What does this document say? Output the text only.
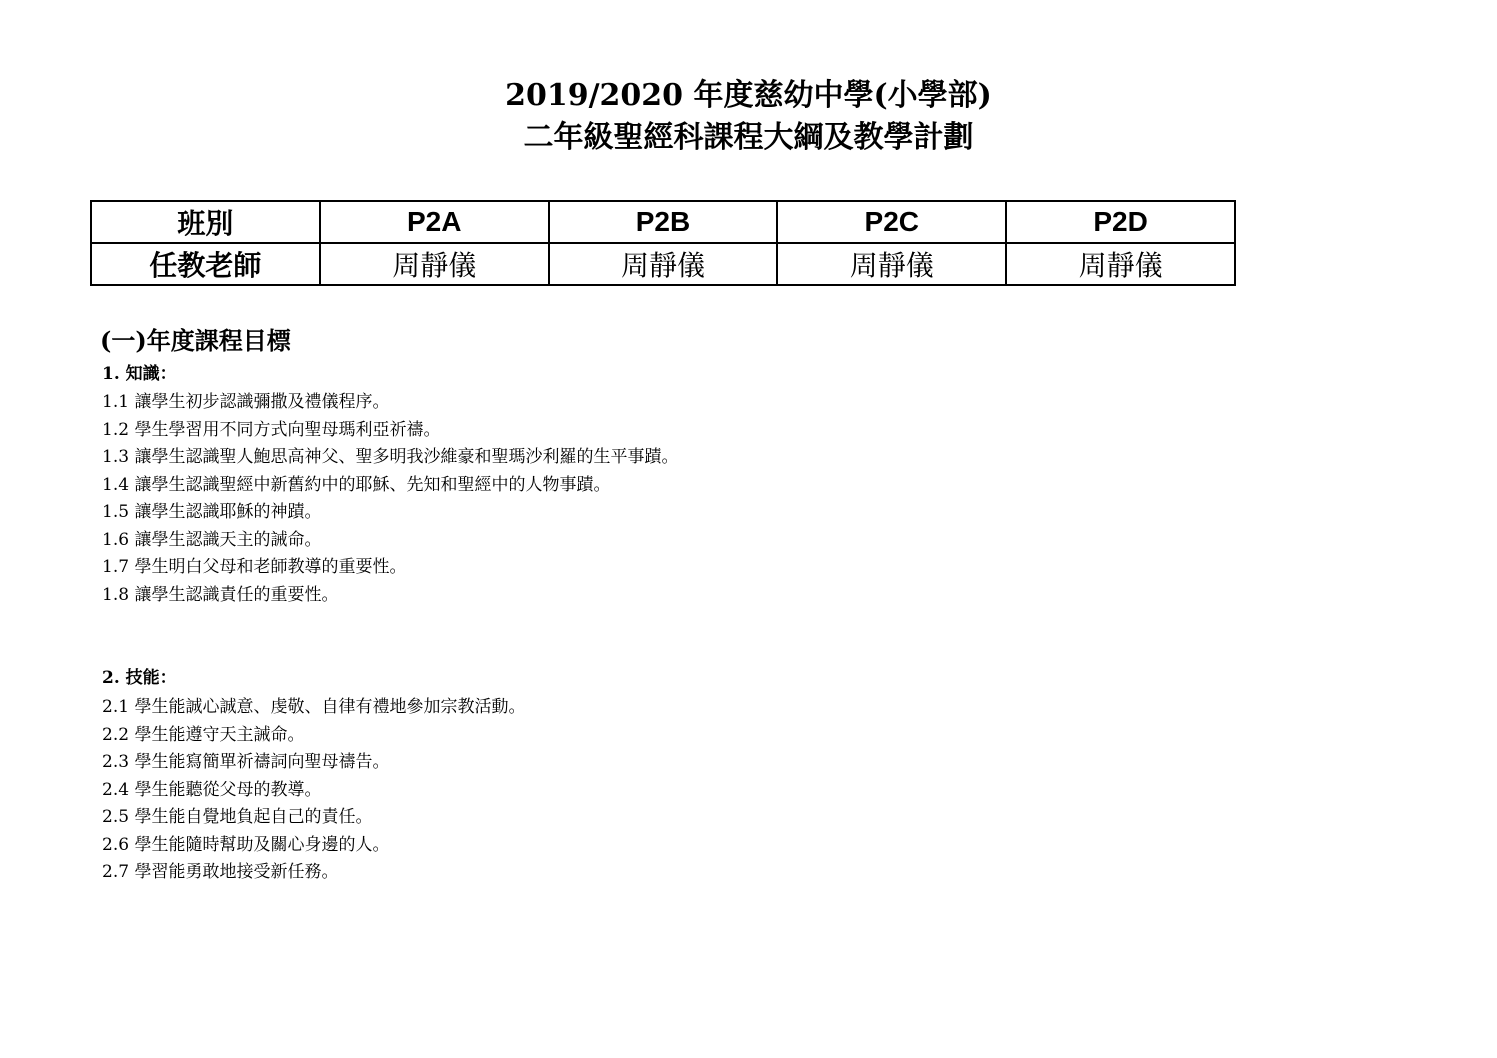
2019/2020 年度慈幼中學(小學部)
二年級聖經科課程大綱及教學計劃
班別	P2A	P2B	P2C	P2D
任教老師	周靜儀	周靜儀	周靜儀	周靜儀
(一)年度課程目標
1. 知識：
1.1 讓學生初步認識彌撒及禮儀程序。
1.2 學生學習用不同方式向聖母瑪利亞祈禱。
1.3 讓學生認識聖人鮑思高神父、聖多明我沙維豪和聖瑪沙利羅的生平事蹟。
1.4 讓學生認識聖經中新舊約中的耶穌、先知和聖經中的人物事蹟。
1.5 讓學生認識耶穌的神蹟。
1.6 讓學生認識天主的誡命。
1.7 學生明白父母和老師教導的重要性。
1.8 讓學生認識責任的重要性。
2. 技能：
2.1 學生能誠心誠意、虔敬、自律有禮地參加宗教活動。
2.2 學生能遵守天主誡命。
2.3 學生能寫簡單祈禱詞向聖母禱告。
2.4 學生能聽從父母的教導。
2.5 學生能自覺地負起自己的責任。
2.6 學生能隨時幫助及關心身邊的人。
2.7 學習能勇敢地接受新任務。
